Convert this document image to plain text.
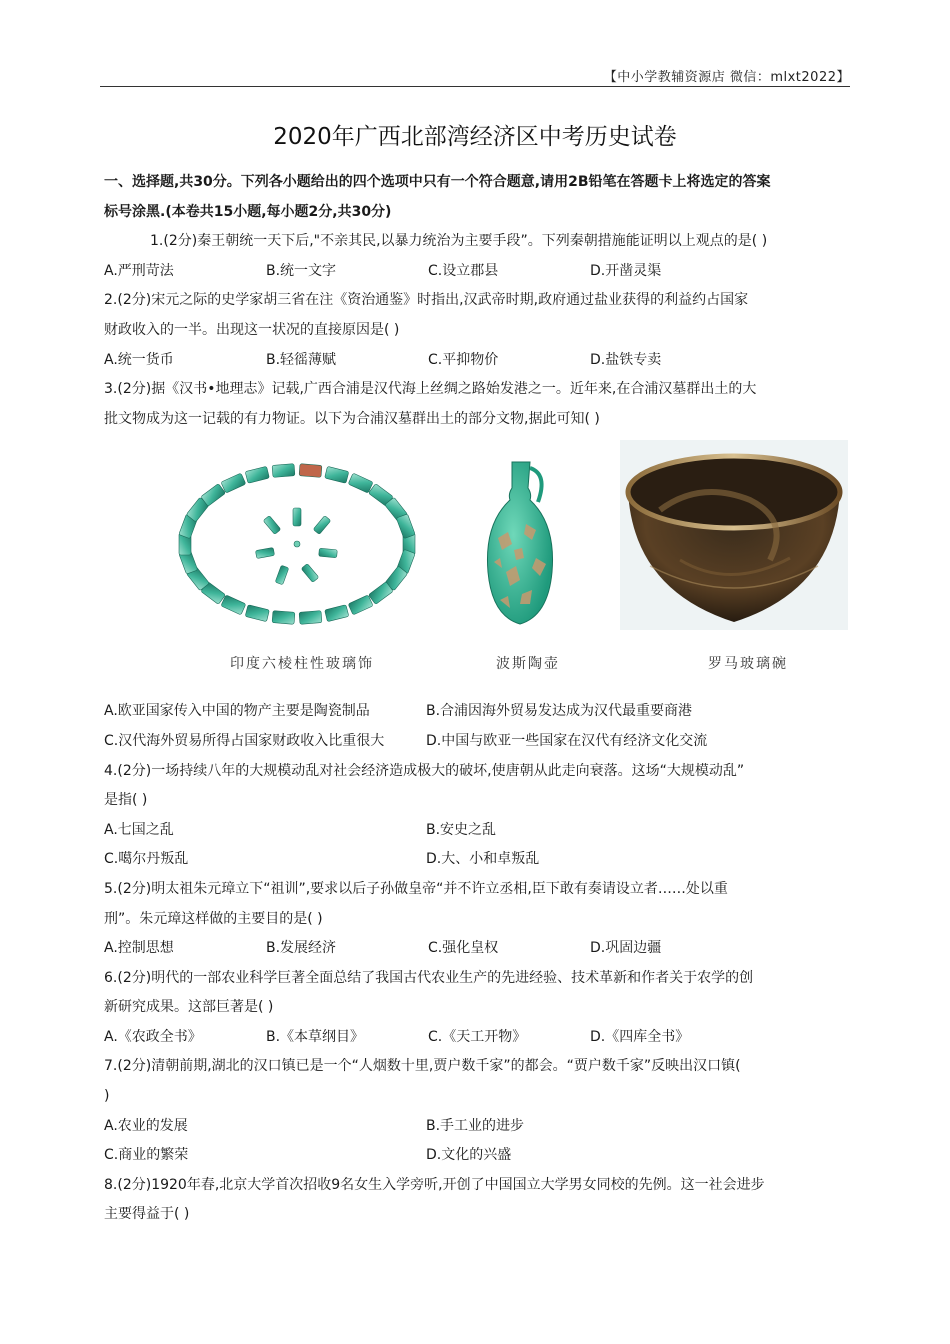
【中小学教辅资源店 微信：mlxt2022】
2020年广西北部湾经济区中考历史试卷
一、选择题,共30分。下列各小题给出的四个选项中只有一个符合题意,请用2B铅笔在答题卡上将选定的答案
标号涂黑.(本卷共15小题,每小题2分,共30分)
1.(2分)秦王朝统一天下后,"不亲其民,以暴力统治为主要手段”。下列秦朝措施能证明以上观点的是( )
A.严刑苛法	B.统一文字	C.设立郡县	D.开凿灵渠
2.(2分)宋元之际的史学家胡三省在注《资治通鉴》时指出,汉武帝时期,政府通过盐业获得的利益约占国家
财政收入的一半。出现这一状况的直接原因是( )
A.统一货币	B.轻徭薄赋	C.平抑物价	D.盐铁专卖
3.(2分)据《汉书•地理志》记载,广西合浦是汉代海上丝绸之路始发港之一。近年来,在合浦汉墓群出土的大
批文物成为这一记载的有力物证。以下为合浦汉墓群出土的部分文物,据此可知( )
印度六棱柱性玻璃饰	波斯陶壶	罗马玻璃碗
A.欧亚国家传入中国的物产主要是陶瓷制品	B.合浦因海外贸易发达成为汉代最重要商港
C.汉代海外贸易所得占国家财政收入比重很大	D.中国与欧亚一些国家在汉代有经济文化交流
4.(2分)一场持续八年的大规模动乱对社会经济造成极大的破坏,使唐朝从此走向衰落。这场“大规模动乱”
是指( )
A.七国之乱	B.安史之乱
C.噶尔丹叛乱	D.大、小和卓叛乱
5.(2分)明太祖朱元璋立下“祖训”,要求以后子孙做皇帝“并不许立丞相,臣下敢有奏请设立者……处以重
刑”。朱元璋这样做的主要目的是( )
A.控制思想	B.发展经济	C.强化皇权	D.巩固边疆
6.(2分)明代的一部农业科学巨著全面总结了我国古代农业生产的先进经验、技术革新和作者关于农学的创
新研究成果。这部巨著是( )
A.《农政全书》	B.《本草纲目》	C.《天工开物》	D.《四库全书》
7.(2分)清朝前期,湖北的汉口镇已是一个“人烟数十里,贾户数千家”的都会。“贾户数千家”反映出汉口镇(
)
A.农业的发展	B.手工业的进步
C.商业的繁荣	D.文化的兴盛
8.(2分)1920年春,北京大学首次招收9名女生入学旁听,开创了中国国立大学男女同校的先例。这一社会进步
主要得益于( )
